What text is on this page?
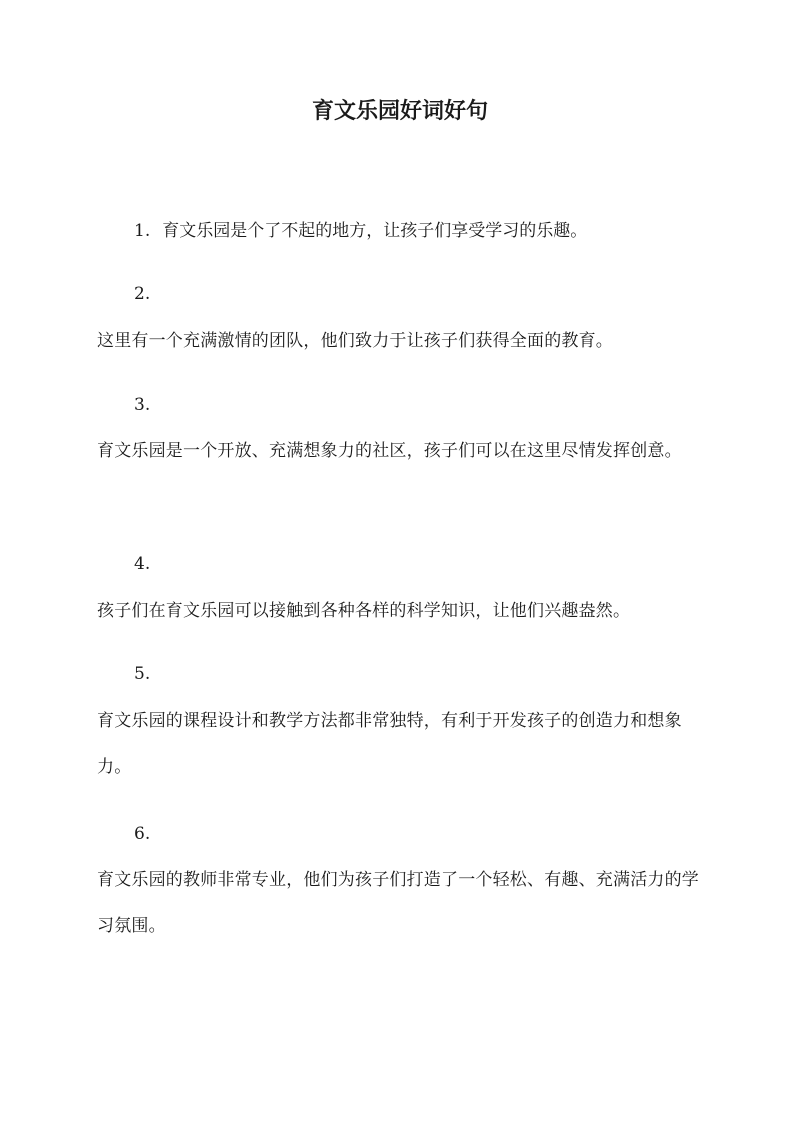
育文乐园好词好句

1. 育文乐园是个了不起的地方，让孩子们享受学习的乐趣。

2.

这里有一个充满激情的团队，他们致力于让孩子们获得全面的教育。

3.

育文乐园是一个开放、充满想象力的社区，孩子们可以在这里尽情发挥创意。

4.

孩子们在育文乐园可以接触到各种各样的科学知识，让他们兴趣盎然。

5.

育文乐园的课程设计和教学方法都非常独特，有利于开发孩子的创造力和想象力。

6.

育文乐园的教师非常专业，他们为孩子们打造了一个轻松、有趣、充满活力的学习氛围。
